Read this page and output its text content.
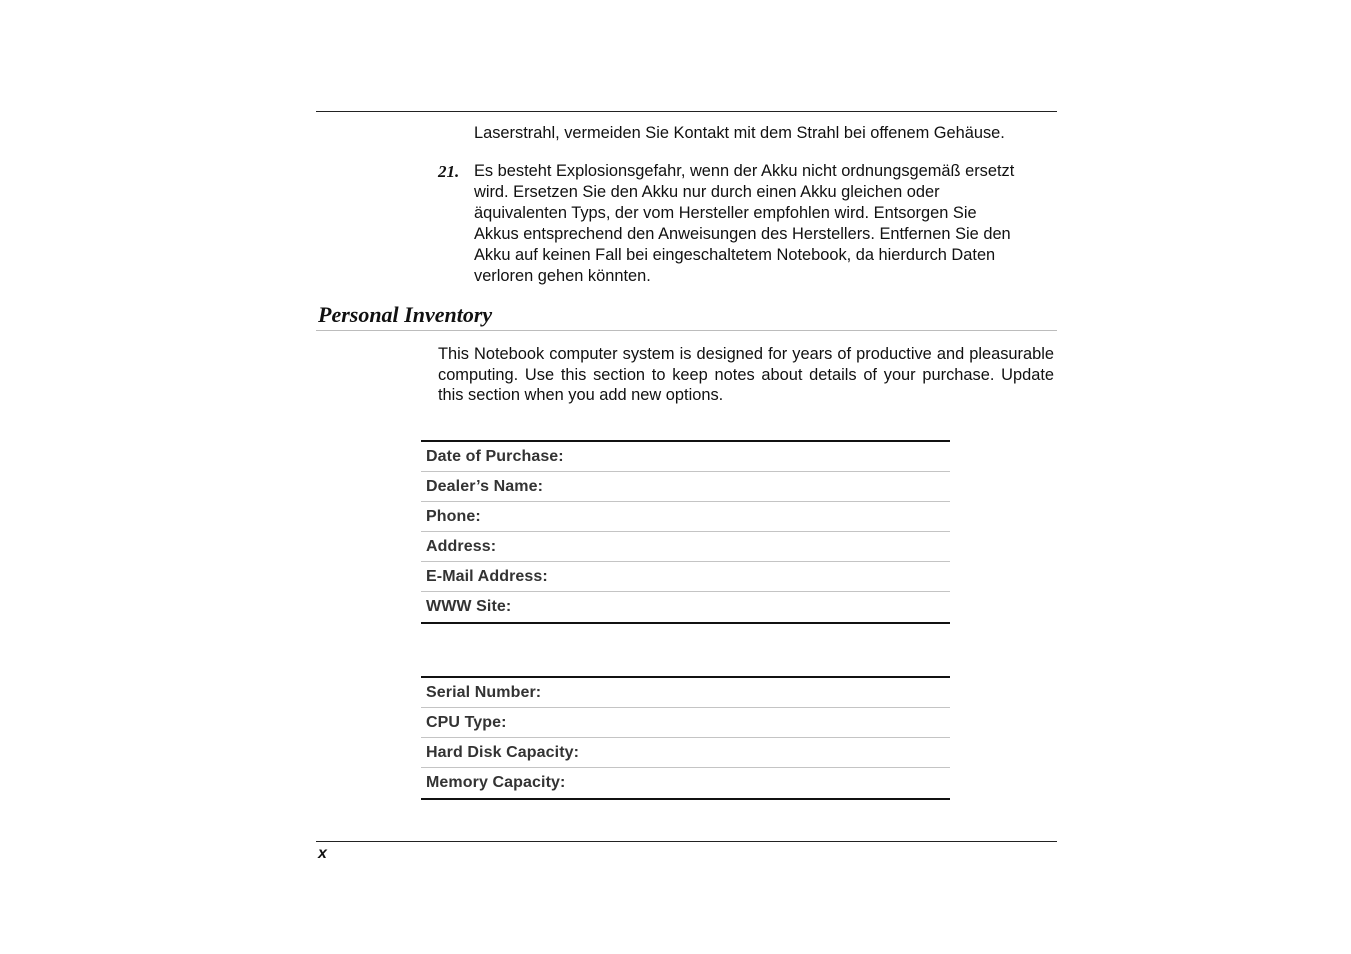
Laserstrahl, vermeiden Sie Kontakt mit dem Strahl bei offenem Gehäuse.
21. Es besteht Explosionsgefahr, wenn der Akku nicht ordnungsgemäß ersetzt
wird. Ersetzen Sie den Akku nur durch einen Akku gleichen oder
äquivalenten Typs, der vom Hersteller empfohlen wird. Entsorgen Sie
Akkus entsprechend den Anweisungen des Herstellers. Entfernen Sie den
Akku auf keinen Fall bei eingeschaltetem Notebook, da hierdurch Daten
verloren gehen könnten.
Personal Inventory
This Notebook computer system is designed for years of productive and pleasurable computing. Use this section to keep notes about details of your purchase. Update this section when you add new options.
Date of Purchase:
Dealer’s Name:
Phone:
Address:
E-Mail Address:
WWW Site:
Serial Number:
CPU Type:
Hard Disk Capacity:
Memory Capacity:
x
